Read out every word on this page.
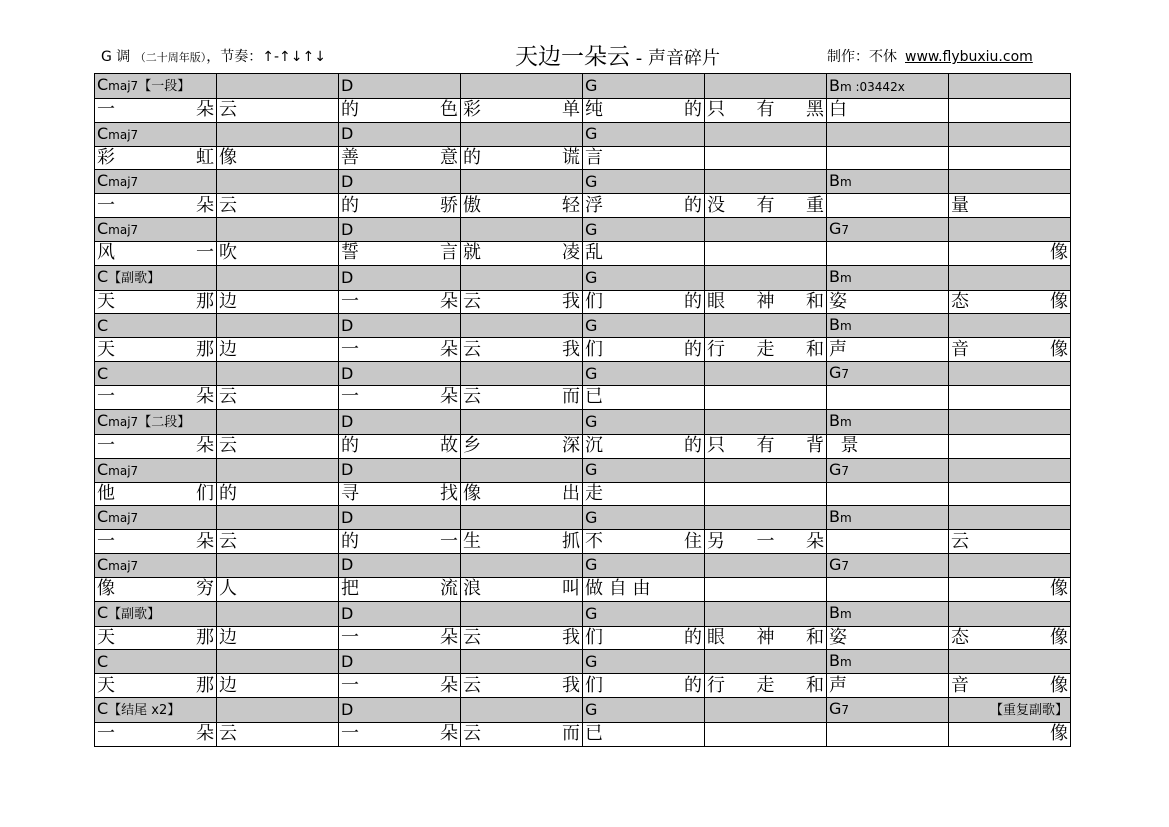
G 调 （二十周年版），节奏：↑-↑↓↑↓	天边一朵云 - 声音碎片	制作：不休 www.flybuxiu.com
Cmaj7【一段】		D		G		Bm :03442x	

一 朵	云	的 色	彩 单	纯 的	只 有 黑	白	

Cmaj7		D		G			

彩 虹	像	善 意	的 谎	言			

Cmaj7		D		G		Bm	

一 朵	云	的 骄	傲 轻	浮 的	没 有 重		量

Cmaj7		D		G		G7	

风 一	吹	誓 言	就 凌	乱			像

C【副歌】		D		G		Bm	

天 那	边	一 朵	云 我	们 的	眼 神 和	姿	态 像

C		D		G		Bm	

天 那	边	一 朵	云 我	们 的	行 走 和	声	音 像

C		D		G		G7	

一 朵	云	一 朵	云 而	已			

Cmaj7【二段】		D		G		Bm	

一 朵	云	的 故	乡 深	沉 的	只 有 背	景	

Cmaj7		D		G		G7	

他 们	的	寻 找	像 出	走			

Cmaj7		D		G		Bm	

一 朵	云	的 一	生 抓	不 住	另 一 朵		云

Cmaj7		D		G		G7	

像 穷	人	把 流	浪 叫	做 自 由			像

C【副歌】		D		G		Bm	

天 那	边	一 朵	云 我	们 的	眼 神 和	姿	态 像

C		D		G		Bm	

天 那	边	一 朵	云 我	们 的	行 走 和	声	音 像

C【结尾 x2】		D		G		G7	【重复副歌】

一 朵	云	一 朵	云 而	已			像
